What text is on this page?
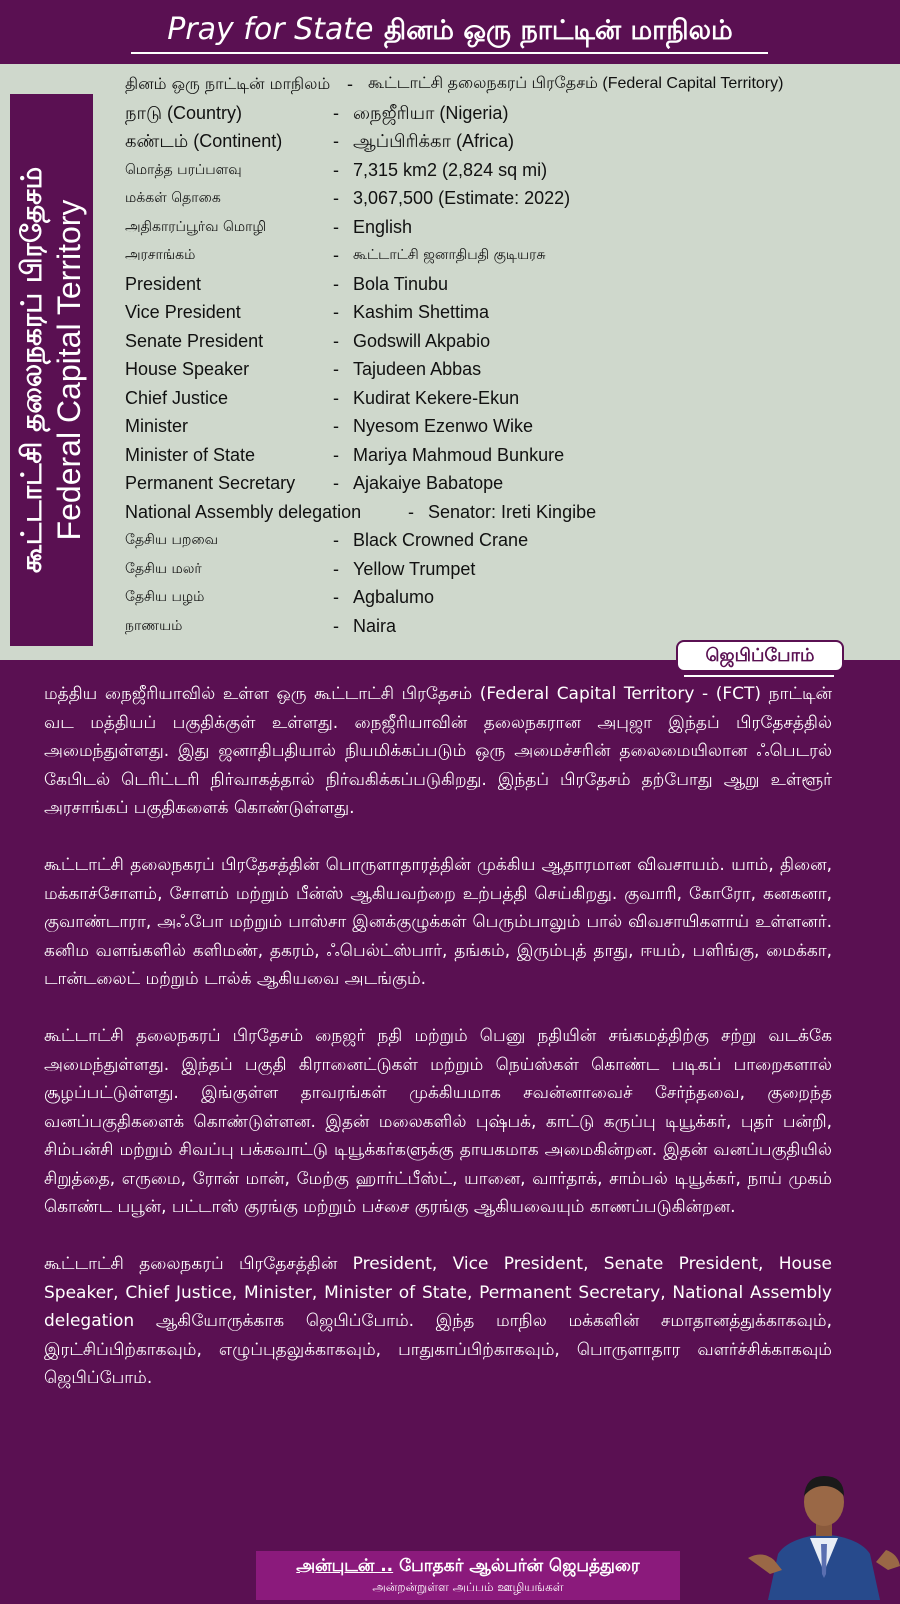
Pray for State தினம் ஒரு நாட்டின் மாநிலம்
கூட்டாட்சி தலைநகரப் பிரதேசம் Federal Capital Territory
தினம் ஒரு நாட்டின் மாநிலம் - கூட்டாட்சி தலைநகரப் பிரதேசம் (Federal Capital Territory)
நாடு (Country)	- நைஜீரியா (Nigeria)
கண்டம் (Continent)	- ஆப்பிரிக்கா (Africa)
மொத்த பரப்பளவு	- 7,315 km2 (2,824 sq mi)
மக்கள் தொகை	- 3,067,500 (Estimate: 2022)
அதிகாரப்பூர்வ மொழி	- English
அரசாங்கம்	- கூட்டாட்சி ஜனாதிபதி குடியரசு
President	- Bola Tinubu
Vice President	- Kashim Shettima
Senate President	- Godswill Akpabio
House Speaker	- Tajudeen Abbas
Chief Justice	- Kudirat Kekere-Ekun
Minister	- Nyesom Ezenwo Wike
Minister of State	- Mariya Mahmoud Bunkure
Permanent Secretary - Ajakaiye Babatope
National Assembly delegation	- Senator: Ireti Kingibe
தேசிய பறவை	- Black Crowned Crane
தேசிய மலர்	- Yellow Trumpet
தேசிய பழம்	- Agbalumo
நாணயம்	- Naira
ஜெபிப்போம்

மத்திய நைஜீரியாவில் உள்ள ஒரு கூட்டாட்சி பிரதேசம் (Federal Capital Territory - (FCT) நாட்டின் வட மத்தியப் பகுதிக்குள் உள்ளது. நைஜீரியாவின் தலைநகரான அபுஜா இந்தப் பிரதேசத்தில் அமைந்துள்ளது. இது ஜனாதிபதியால் நியமிக்கப்படும் ஒரு அமைச்சரின் தலைமையிலான ஃபெடரல் கேபிடல் டெரிட்டரி நிர்வாகத்தால் நிர்வகிக்கப்படுகிறது. இந்தப் பிரதேசம் தற்போது ஆறு உள்ளூர் அரசாங்கப் பகுதிகளைக் கொண்டுள்ளது.

கூட்டாட்சி தலைநகரப் பிரதேசத்தின் பொருளாதாரத்தின் முக்கிய ஆதாரமான விவசாயம். யாம், தினை, மக்காச்சோளம், சோளம் மற்றும் பீன்ஸ் ஆகியவற்றை உற்பத்தி செய்கிறது. குவாரி, கோரோ, கனகனா, குவாண்டாரா, அஃபோ மற்றும் பாஸ்சா இனக்குழுக்கள் பெரும்பாலும் பால் விவசாயிகளாய் உள்ளனர். கனிம வளங்களில் களிமண், தகரம், ஃபெல்ட்ஸ்பார், தங்கம், இரும்புத் தாது, ஈயம், பளிங்கு, மைக்கா, டான்டலைட் மற்றும் டால்க் ஆகியவை அடங்கும்.

கூட்டாட்சி தலைநகரப் பிரதேசம் நைஜர் நதி மற்றும் பெனு நதியின் சங்கமத்திற்கு சற்று வடக்கே அமைந்துள்ளது. இந்தப் பகுதி கிரானைட்டுகள் மற்றும் நெய்ஸ்கள் கொண்ட படிகப் பாறைகளால் சூழப்பட்டுள்ளது. இங்குள்ள தாவரங்கள் முக்கியமாக சவன்னாவைச் சேர்ந்தவை, குறைந்த வனப்பகுதிகளைக் கொண்டுள்ளன. இதன் மலைகளில் புஷ்பக், காட்டு கருப்பு டியூக்கர், புதர் பன்றி, சிம்பன்சி மற்றும் சிவப்பு பக்கவாட்டு டியூக்கர்களுக்கு தாயகமாக அமைகின்றன. இதன் வனப்பகுதியில் சிறுத்தை, எருமை, ரோன் மான், மேற்கு ஹார்ட்பீஸ்ட், யானை, வார்தாக், சாம்பல் டியூக்கர், நாய் முகம் கொண்ட பபூன், பட்டாஸ் குரங்கு மற்றும் பச்சை குரங்கு ஆகியவையும் காணப்படுகின்றன.

கூட்டாட்சி தலைநகரப் பிரதேசத்தின் President, Vice President, Senate President, House Speaker, Chief Justice, Minister, Minister of State, Permanent Secretary, National Assembly delegation ஆகியோருக்காக ஜெபிப்போம். இந்த மாநில மக்களின் சமாதானத்துக்காகவும், இரட்சிப்பிற்காகவும், எழுப்புதலுக்காகவும், பாதுகாப்பிற்காகவும், பொருளாதார வளர்ச்சிக்காகவும் ஜெபிப்போம்.

அன்புடன் .. போதகர் ஆல்பர்ன் ஜெபத்துரை
அன்றன்றுள்ள அப்பம் ஊழியங்கள்
